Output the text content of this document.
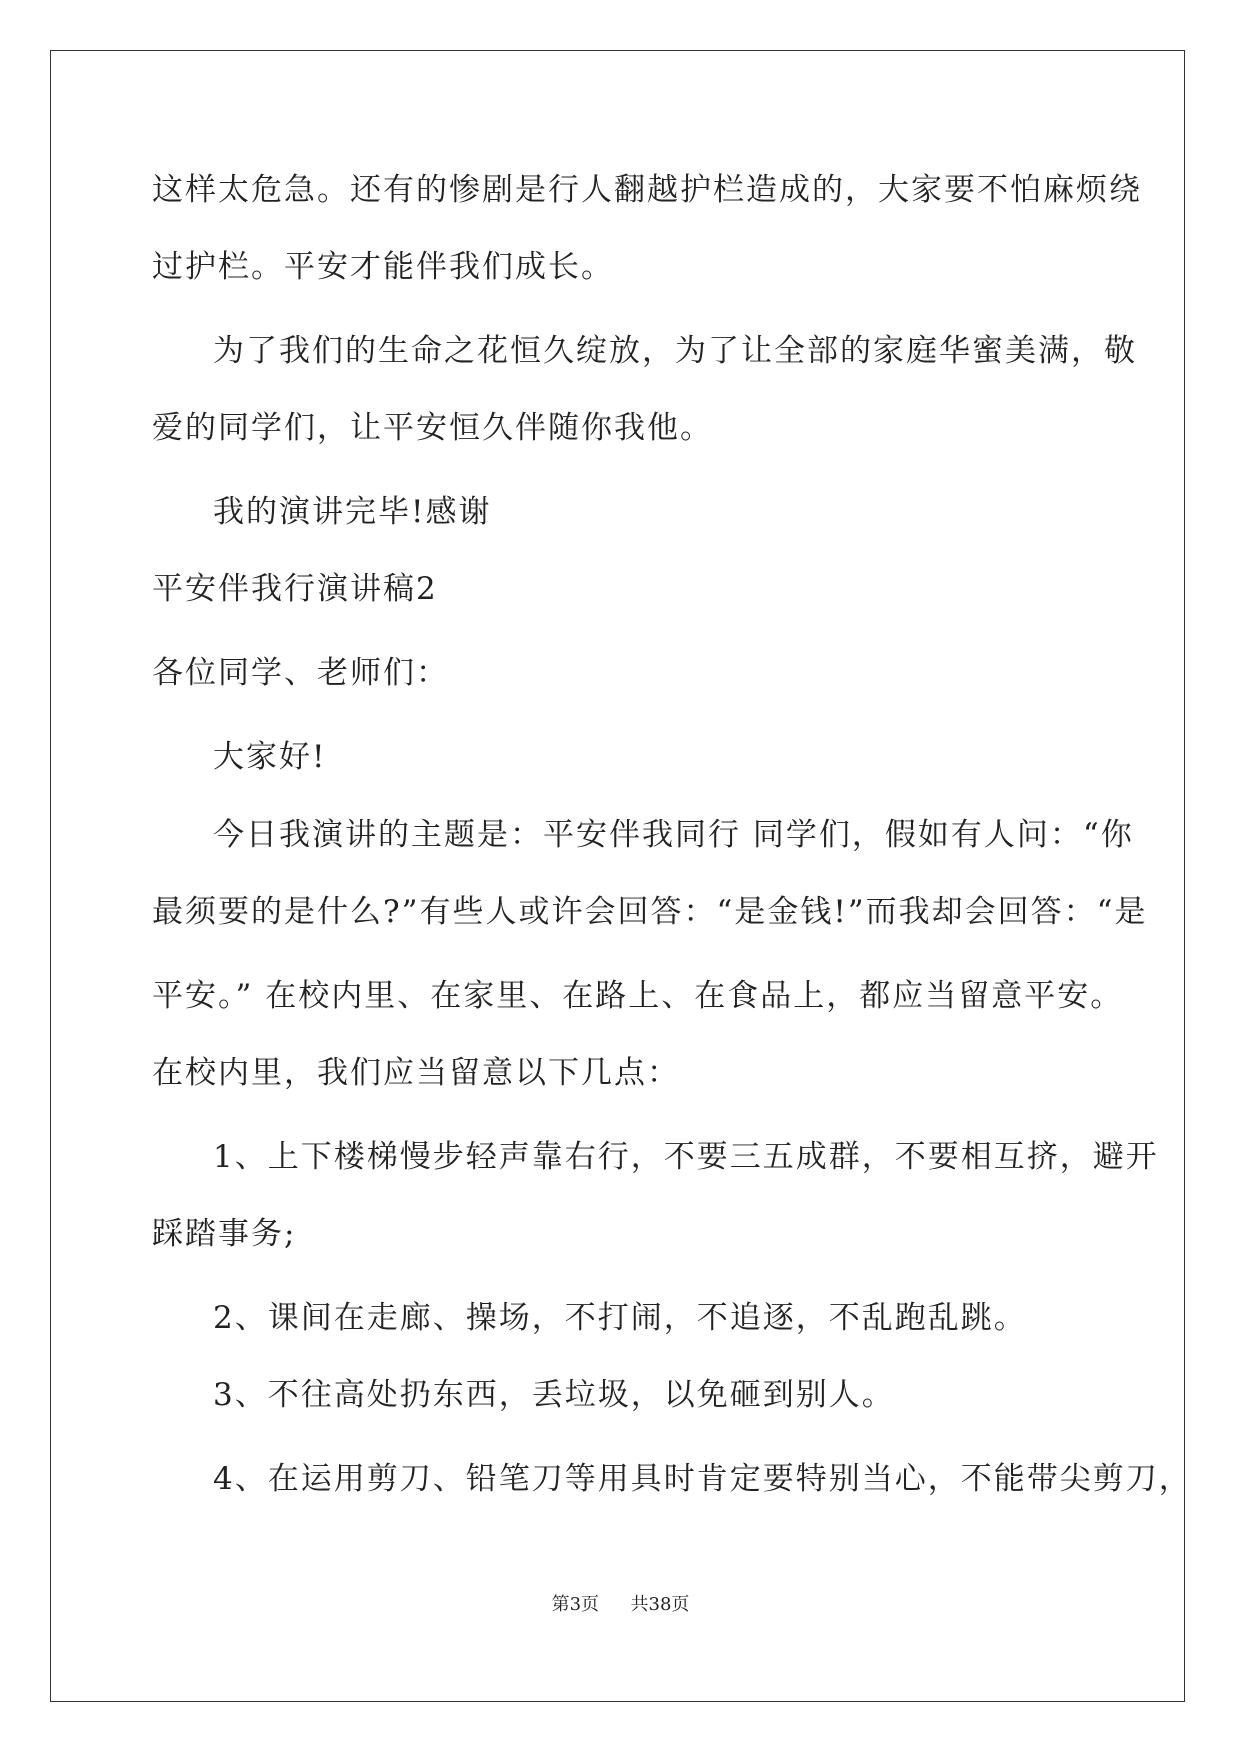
这样太危急。还有的惨剧是行人翻越护栏造成的，大家要不怕麻烦绕
过护栏。平安才能伴我们成长。
为了我们的生命之花恒久绽放，为了让全部的家庭华蜜美满，敬
爱的同学们，让平安恒久伴随你我他。
我的演讲完毕!感谢
平安伴我行演讲稿2
各位同学、老师们：
大家好!
今日我演讲的主题是：平安伴我同行 同学们，假如有人问：“你
最须要的是什么?”有些人或许会回答：“是金钱!”而我却会回答：“是
平安。” 在校内里、在家里、在路上、在食品上，都应当留意平安。
在校内里，我们应当留意以下几点：
1、上下楼梯慢步轻声靠右行，不要三五成群，不要相互挤，避开
踩踏事务;
2、课间在走廊、操场，不打闹，不追逐，不乱跑乱跳。
3、不往高处扔东西，丢垃圾，以免砸到别人。
4、在运用剪刀、铅笔刀等用具时肯定要特别当心，不能带尖剪刀，
第3页 共38页
